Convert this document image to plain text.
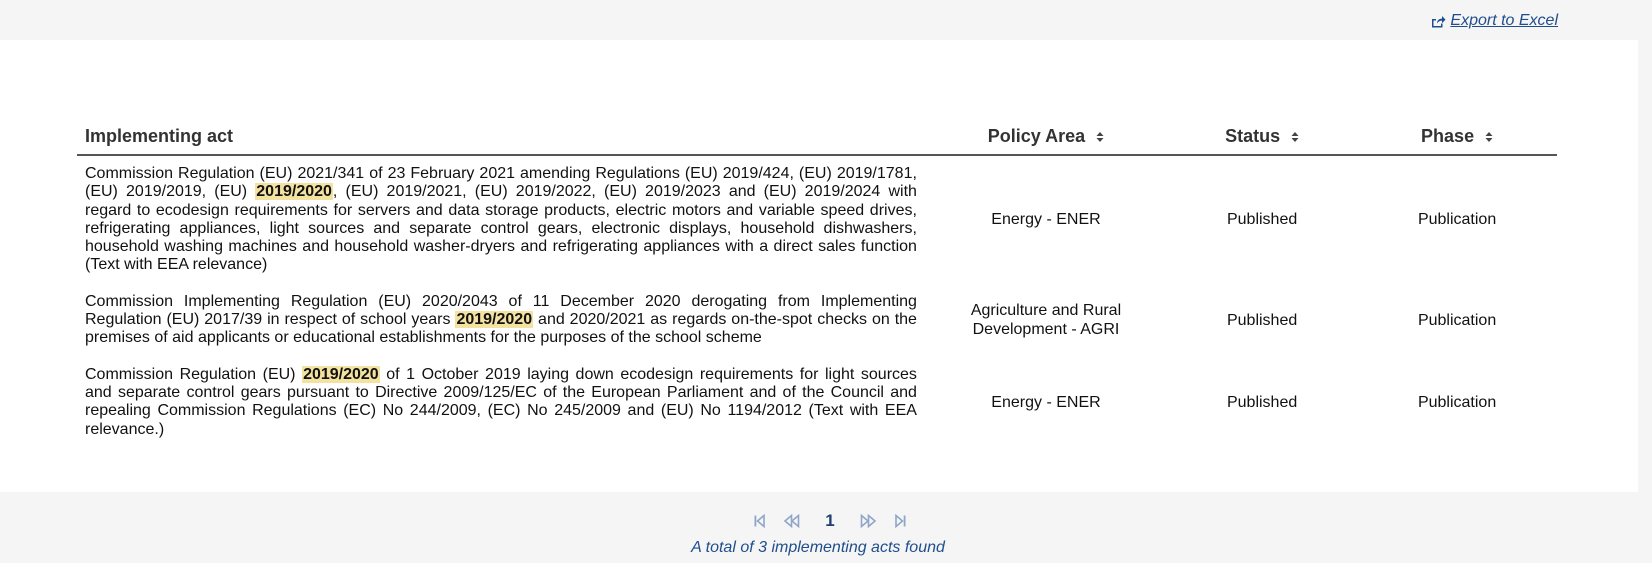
Export to Excel
Implementing act	Policy Area	Status	Phase
Commission Regulation (EU) 2021/341 of 23 February 2021 amending Regulations (EU) 2019/424, (EU) 2019/1781, (EU) 2019/2019, (EU) 2019/2020, (EU) 2019/2021, (EU) 2019/2022, (EU) 2019/2023 and (EU) 2019/2024 with regard to ecodesign requirements for servers and data storage products, electric motors and variable speed drives, refrigerating appliances, light sources and separate control gears, electronic displays, household dishwashers, household washing machines and household washer-dryers and refrigerating appliances with a direct sales function (Text with EEA relevance)	Energy - ENER	Published	Publication
Commission Implementing Regulation (EU) 2020/2043 of 11 December 2020 derogating from Implementing Regulation (EU) 2017/39 in respect of school years 2019/2020 and 2020/2021 as regards on-the-spot checks on the premises of aid applicants or educational establishments for the purposes of the school scheme	Agriculture and Rural Development - AGRI	Published	Publication
Commission Regulation (EU) 2019/2020 of 1 October 2019 laying down ecodesign requirements for light sources and separate control gears pursuant to Directive 2009/125/EC of the European Parliament and of the Council and repealing Commission Regulations (EC) No 244/2009, (EC) No 245/2009 and (EU) No 1194/2012 (Text with EEA relevance.)	Energy - ENER	Published	Publication
1
A total of 3 implementing acts found
